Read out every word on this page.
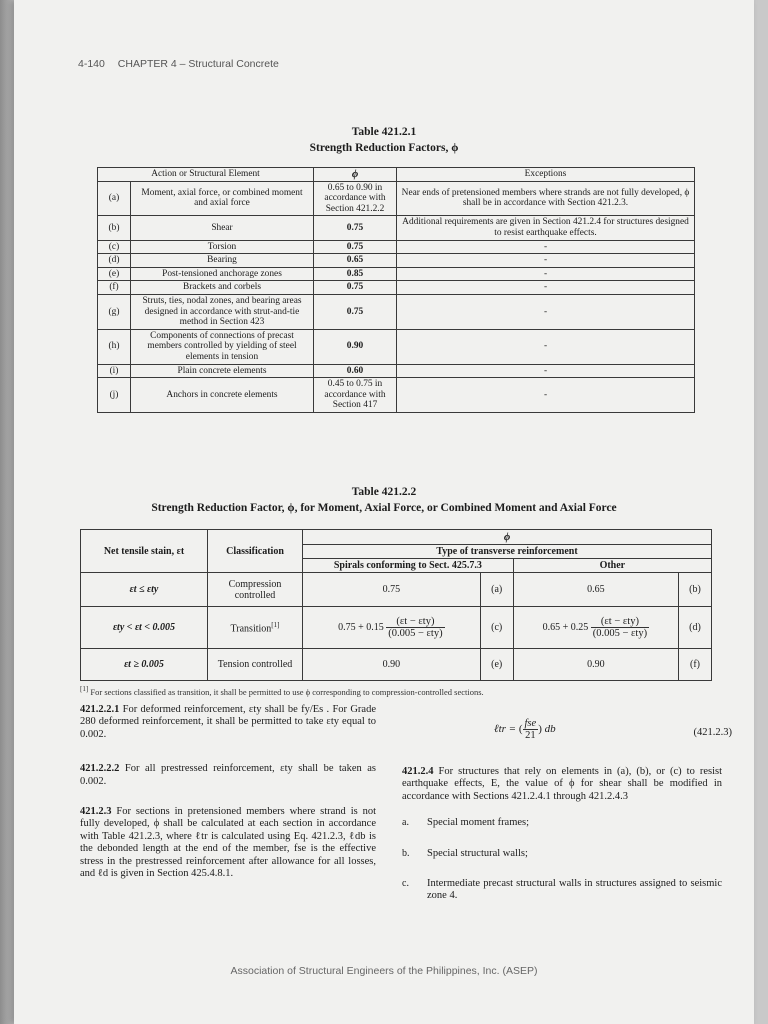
4-140 CHAPTER 4 – Structural Concrete
Table 421.2.1
Strength Reduction Factors, ϕ
Action or Structural Element		ϕ	Exceptions
(a)	Moment, axial force, or combined moment and axial force	0.65 to 0.90 in accordance with Section 421.2.2	Near ends of pretensioned members where strands are not fully developed, ϕ shall be in accordance with Section 421.2.3.
(b)	Shear	0.75	Additional requirements are given in Section 421.2.4 for structures designed to resist earthquake effects.
(c)	Torsion	0.75	-
(d)	Bearing	0.65	-
(e)	Post-tensioned anchorage zones	0.85	-
(f)	Brackets and corbels	0.75	-
(g)	Struts, ties, nodal zones, and bearing areas designed in accordance with strut-and-tie method in Section 423	0.75	-
(h)	Components of connections of precast members controlled by yielding of steel elements in tension	0.90	-
(i)	Plain concrete elements	0.60	-
(j)	Anchors in concrete elements	0.45 to 0.75 in accordance with Section 417	-
Table 421.2.2
Strength Reduction Factor, ϕ, for Moment, Axial Force, or Combined Moment and Axial Force
Net tensile stain, εt	Classification	ϕ			
		Type of transverse reinforcement			
		Spirals conforming to Sect. 425.7.3		Other	
εt ≤ εty	Compression controlled	0.75	(a)	0.65	(b)
εty < εt < 0.005	Transition[1]	$0.75 + 0.15 \frac{\text{(εt − εty)}}{\text{(0.005 − εty)}}$	(c)	$0.65 + 0.25 \frac{\text{(εt − εty)}}{\text{(0.005 − εty)}}$	(d)
εt ≥ 0.005	Tension controlled	0.90	(e)	0.90	(f)
[1] For sections classified as transition, it shall be permitted to use ϕ corresponding to compression-controlled sections.

421.2.2.1 For deformed reinforcement, εty shall be fy/Es . For Grade 280 deformed reinforcement, it shall be permitted to take εty equal to 0.002.

421.2.2.2 For all prestressed reinforcement, εty shall be taken as 0.002.

421.2.3 For sections in pretensioned members where strand is not fully developed, ϕ shall be calculated at each section in accordance with Table 421.2.3, where ℓtr is calculated using Eq. 421.2.3, ℓdb is the debonded length at the end of the member, fse is the effective stress in the prestressed reinforcement after allowance for all losses, and ℓd is given in Section 425.4.8.1.

ℓtr = ( $\frac{\text{fse}}{21}$ ) db	(421.2.3)

421.2.4 For structures that rely on elements in (a), (b), or (c) to resist earthquake effects, E, the value of ϕ for shear shall be modified in accordance with Sections 421.2.4.1 through 421.2.4.3

a.	Special moment frames;
b.	Special structural walls;
c.	Intermediate precast structural walls in structures assigned to seismic zone 4.
Association of Structural Engineers of the Philippines, Inc. (ASEP)
